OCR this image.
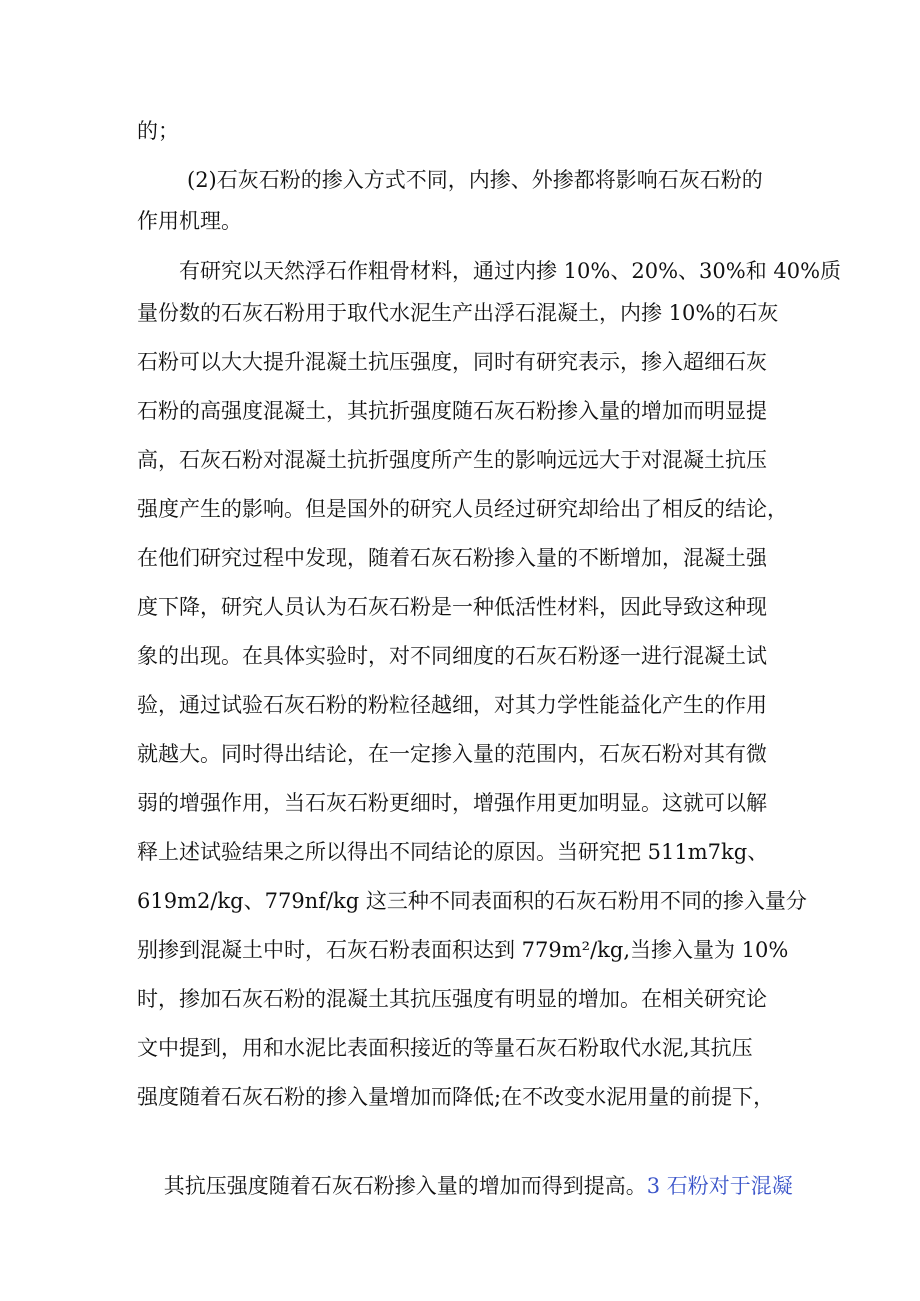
的；
(2)石灰石粉的掺入方式不同，内掺、外掺都将影响石灰石粉的
作用机理。
有研究以天然浮石作粗骨材料，通过内掺 10%、20%、30%和 40%质
量份数的石灰石粉用于取代水泥生产出浮石混凝土，内掺 10%的石灰
石粉可以大大提升混凝土抗压强度，同时有研究表示，掺入超细石灰
石粉的高强度混凝土，其抗折强度随石灰石粉掺入量的增加而明显提
高，石灰石粉对混凝土抗折强度所产生的影响远远大于对混凝土抗压
强度产生的影响。但是国外的研究人员经过研究却给出了相反的结论，
在他们研究过程中发现，随着石灰石粉掺入量的不断增加，混凝土强
度下降，研究人员认为石灰石粉是一种低活性材料，因此导致这种现
象的出现。在具体实验时，对不同细度的石灰石粉逐一进行混凝土试
验，通过试验石灰石粉的粉粒径越细，对其力学性能益化产生的作用
就越大。同时得出结论，在一定掺入量的范围内，石灰石粉对其有微
弱的增强作用，当石灰石粉更细时，增强作用更加明显。这就可以解
释上述试验结果之所以得出不同结论的原因。当研究把 511m7kg、
619m2/kg、779nf/kg 这三种不同表面积的石灰石粉用不同的掺入量分
别掺到混凝土中时，石灰石粉表面积达到 779m²/kg,当掺入量为 10%
时，掺加石灰石粉的混凝土其抗压强度有明显的增加。在相关研究论
文中提到，用和水泥比表面积接近的等量石灰石粉取代水泥,其抗压
强度随着石灰石粉的掺入量增加而降低;在不改变水泥用量的前提下，

其抗压强度随着石灰石粉掺入量的增加而得到提高。3 石粉对于混凝
